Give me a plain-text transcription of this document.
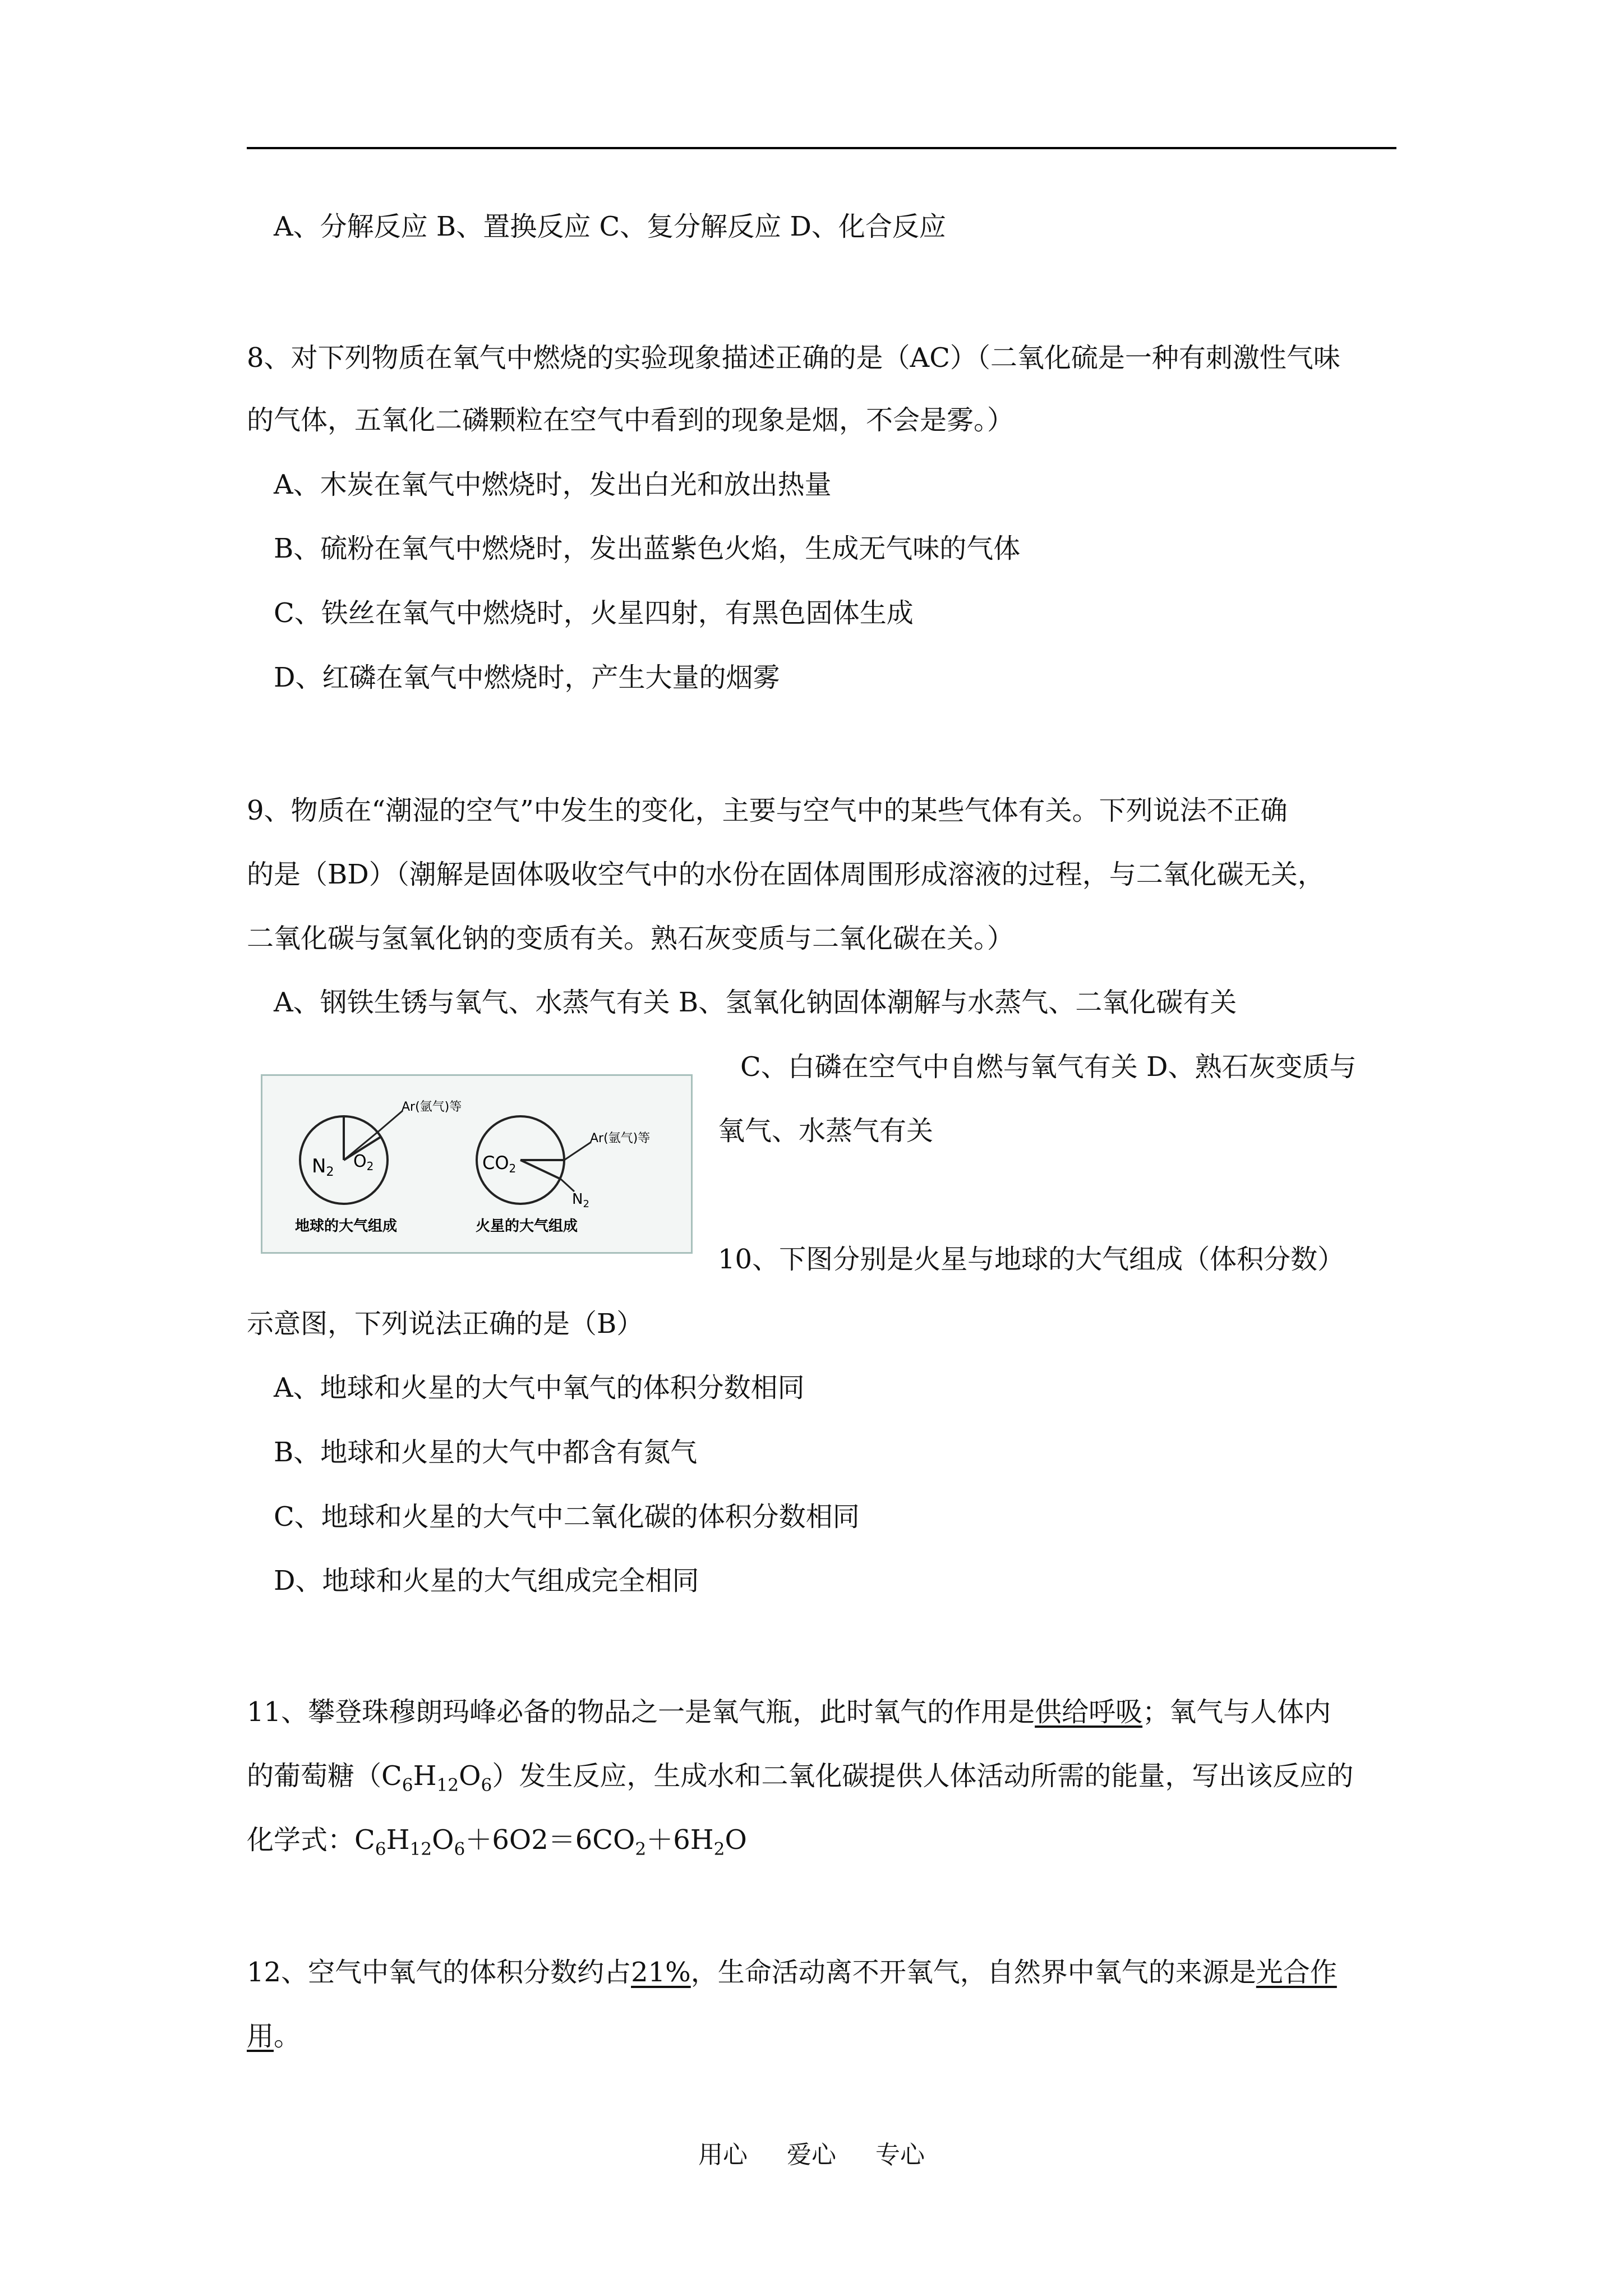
A、分解反应 B、置换反应 C、复分解反应 D、化合反应
8、对下列物质在氧气中燃烧的实验现象描述正确的是（AC）（二氧化硫是一种有刺激性气味
的气体，五氧化二磷颗粒在空气中看到的现象是烟，不会是雾。）
A、木炭在氧气中燃烧时，发出白光和放出热量
B、硫粉在氧气中燃烧时，发出蓝紫色火焰，生成无气味的气体
C、铁丝在氧气中燃烧时，火星四射，有黑色固体生成
D、红磷在氧气中燃烧时，产生大量的烟雾
9、物质在“潮湿的空气”中发生的变化，主要与空气中的某些气体有关。下列说法不正确
的是（BD）（潮解是固体吸收空气中的水份在固体周围形成溶液的过程，与二氧化碳无关，
二氧化碳与氢氧化钠的变质有关。熟石灰变质与二氧化碳在关。）
A、钢铁生锈与氧气、水蒸气有关 B、氢氧化钠固体潮解与水蒸气、二氧化碳有关
C、白磷在空气中自燃与氧气有关 D、熟石灰变质与
氧气、水蒸气有关
N2
$O_2$
Ar(氩气)等
地球的大气组成
CO2
Ar(氩气)等
$N_2$
火星的大气组成
10、下图分别是火星与地球的大气组成（体积分数）
示意图，下列说法正确的是（B）
A、地球和火星的大气中氧气的体积分数相同
B、地球和火星的大气中都含有氮气
C、地球和火星的大气中二氧化碳的体积分数相同
D、地球和火星的大气组成完全相同
11、攀登珠穆朗玛峰必备的物品之一是氧气瓶，此时氧气的作用是供给呼吸；氧气与人体内
的葡萄糖$(C_6H_{12}O_6)$发生反应，生成水和二氧化碳提供人体活动所需的能量，写出该反应的
化学式：$C_6H_{12}O_6+6O2=6CO_2+6H_2O$
12、空气中氧气的体积分数约占21%，生命活动离不开氧气，自然界中氧气的来源是光合作
用。
用心 爱心 专心
